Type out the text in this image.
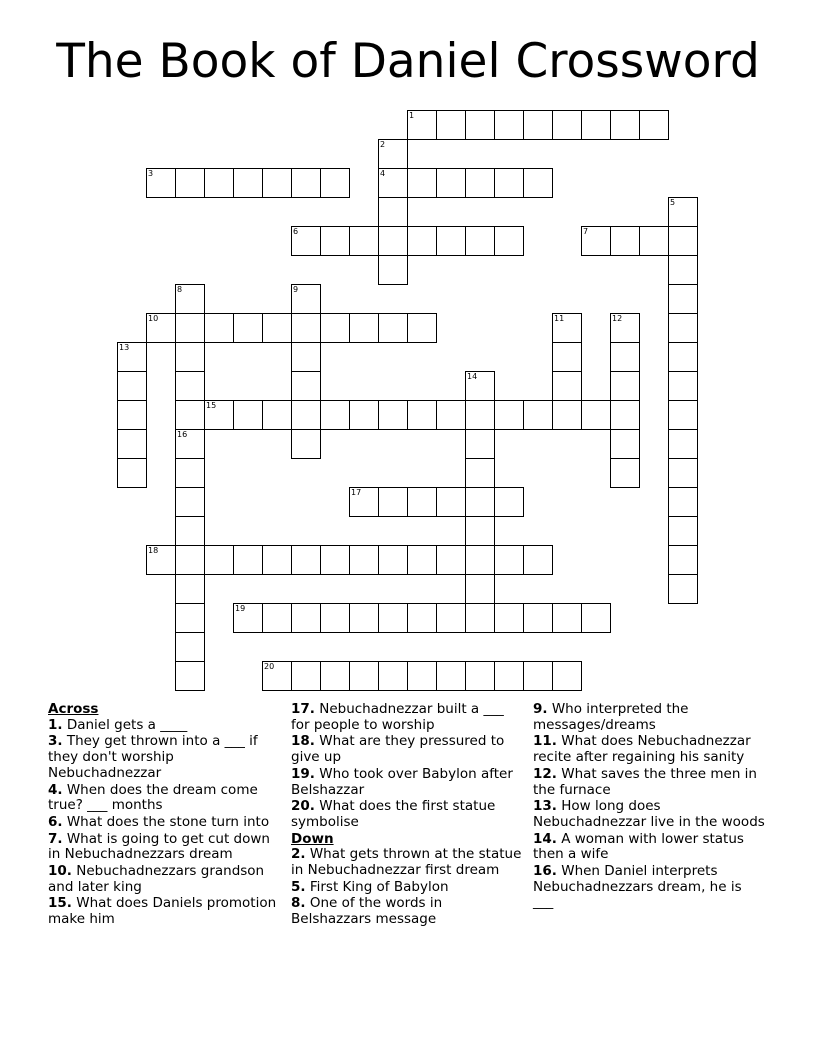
The Book of Daniel Crossword
1
2
4
3
5
6	7
8
16
9
10	11	12
13
14
15
17
18
19
20
Across
1. Daniel gets a ____
3. They get thrown into a ___ if they don't worship Nebuchadnezzar
4. When does the dream come true? ___ months
6. What does the stone turn into
7. What is going to get cut down in Nebuchadnezzars dream
10. Nebuchadnezzars grandson and later king
15. What does Daniels promotion make him
17. Nebuchadnezzar built a ___ for people to worship
18. What are they pressured to give up
19. Who took over Babylon after Belshazzar
20. What does the first statue symbolise
Down
2. What gets thrown at the statue in Nebuchadnezzar first dream
5. First King of Babylon
8. One of the words in Belshazzars message
9. Who interpreted the messages/dreams
11. What does Nebuchadnezzar recite after regaining his sanity
12. What saves the three men in the furnace
13. How long does Nebuchadnezzar live in the woods
14. A woman with lower status then a wife
16. When Daniel interprets Nebuchadnezzars dream, he is ___
